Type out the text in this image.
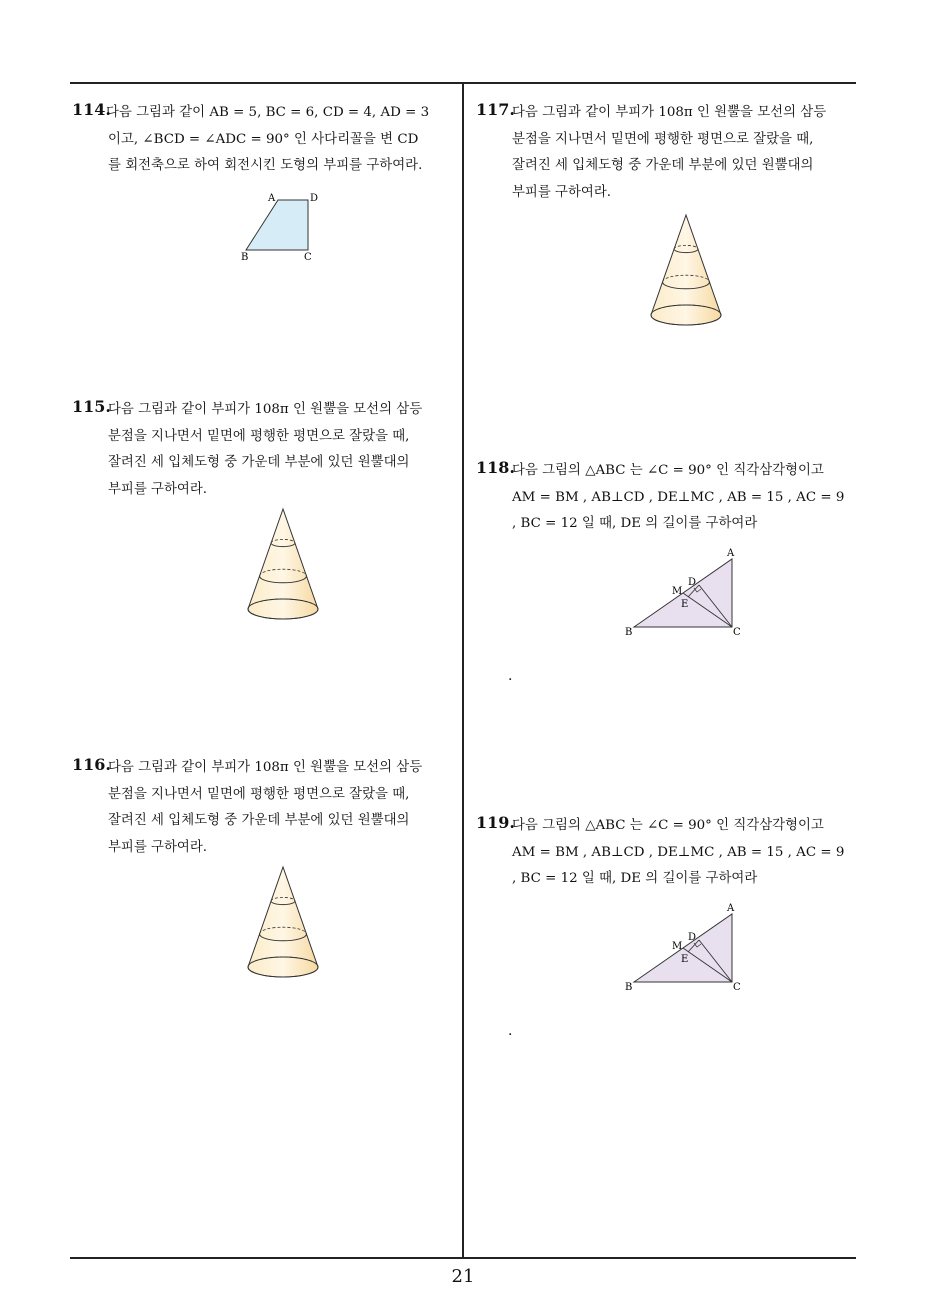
114.
다음 그림과 같이 AB = 5, BC = 6, CD = 4, AD = 3
이고, ∠BCD = ∠ADC = 90° 인 사다리꼴을 변 CD
를 회전축으로 하여 회전시킨 도형의 부피를 구하여라.
A	D
B	C
115.
다음 그림과 같이 부피가 108π 인 원뿔을 모선의 삼등
분점을 지나면서 밑면에 평행한 평면으로 잘랐을 때,
잘려진 세 입체도형 중 가운데 부분에 있던 원뿔대의
부피를 구하여라.
116.
다음 그림과 같이 부피가 108π 인 원뿔을 모선의 삼등
분점을 지나면서 밑면에 평행한 평면으로 잘랐을 때,
잘려진 세 입체도형 중 가운데 부분에 있던 원뿔대의
부피를 구하여라.
117.
다음 그림과 같이 부피가 108π 인 원뿔을 모선의 삼등
분점을 지나면서 밑면에 평행한 평면으로 잘랐을 때,
잘려진 세 입체도형 중 가운데 부분에 있던 원뿔대의
부피를 구하여라.
118.
다음 그림의 △ABC 는 ∠C = 90° 인 직각삼각형이고
AM = BM , AB⊥CD , DE⊥MC , AB = 15 , AC = 9
, BC = 12 일 때, DE 의 길이를 구하여라
A
D
M
E
B	C
.
119.
다음 그림의 △ABC 는 ∠C = 90° 인 직각삼각형이고
AM = BM , AB⊥CD , DE⊥MC , AB = 15 , AC = 9
, BC = 12 일 때, DE 의 길이를 구하여라
A
D
M
E
B	C
.
21
